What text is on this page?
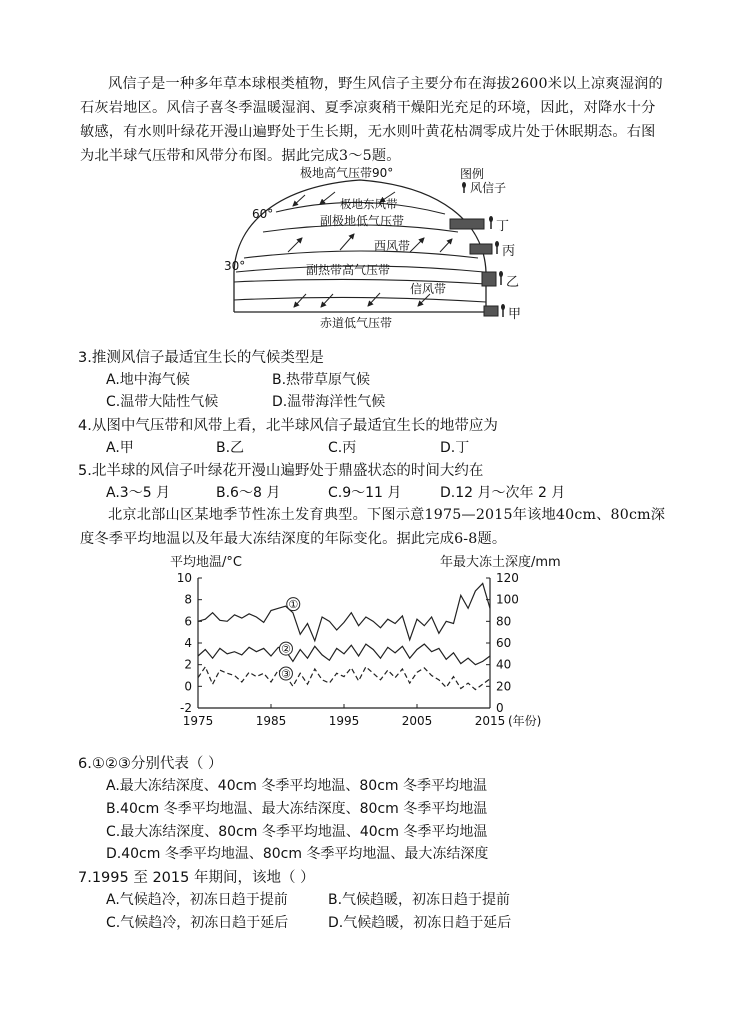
风信子是一种多年草本球根类植物，野生风信子主要分布在海拔2600米以上凉爽湿润的石灰岩地区。风信子喜冬季温暖湿润、夏季凉爽稍干燥阳光充足的环境，因此，对降水十分敏感，有水则叶绿花开漫山遍野处于生长期，无水则叶黄花枯凋零成片处于休眠期态。右图为北半球气压带和风带分布图。据此完成3～5题。
极地高气压带90°
极地东风带
副极地低气压带
西风带
副热带高气压带
信风带
赤道低气压带
60°
30°
图例
风信子
丁
丙
乙
甲
3.推测风信子最适宜生长的气候类型是
A.地中海气候	B.热带草原气候
C.温带大陆性气候	D.温带海洋性气候
4.从图中气压带和风带上看，北半球风信子最适宜生长的地带应为
A.甲	B.乙	C.丙	D.丁
5.北半球的风信子叶绿花开漫山遍野处于鼎盛状态的时间大约在
A.3～5 月	B.6～8 月	C.9～11 月	D.12 月～次年 2 月
北京北部山区某地季节性冻土发育典型。下图示意1975—2015年该地40cm、80cm深度冬季平均地温以及年最大冻结深度的年际变化。据此完成6-8题。
平均地温/°C	年最大冻土深度/mm
10
8
6
4
2
0
-2
120
100
80
60
40
20
0
1975	1985	1995	2005	2015 (年份)
①
②
③
6.①②③分别代表（ ）
A.最大冻结深度、40cm 冬季平均地温、80cm 冬季平均地温
B.40cm 冬季平均地温、最大冻结深度、80cm 冬季平均地温
C.最大冻结深度、80cm 冬季平均地温、40cm 冬季平均地温
D.40cm 冬季平均地温、80cm 冬季平均地温、最大冻结深度
7.1995 至 2015 年期间，该地（ ）
A.气候趋冷，初冻日趋于提前	B.气候趋暖，初冻日趋于提前
C.气候趋冷，初冻日趋于延后	D.气候趋暖，初冻日趋于延后
